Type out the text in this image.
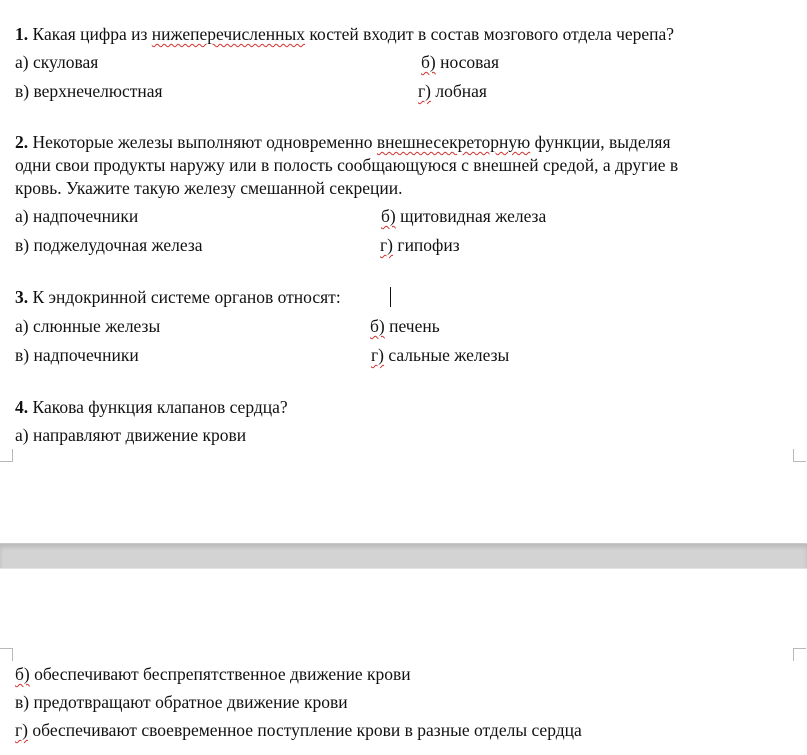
1. Какая цифра из нижеперечисленных костей входит в состав мозгового отдела черепа?
а) скуловая	б) носовая
в) верхнечелюстная	г) лобная
2. Некоторые железы выполняют одновременно внешнесекреторную функции, выделяя
одни свои продукты наружу или в полость сообщающуюся с внешней средой, а другие в
кровь. Укажите такую железу смешанной секреции.
а) надпочечники	б) щитовидная железа
в) поджелудочная железа	г) гипофиз
3. К эндокринной системе органов относят:
а) слюнные железы	б) печень
в) надпочечники	г) сальные железы
4. Какова функция клапанов сердца?
а) направляют движение крови
б) обеспечивают беспрепятственное движение крови
в) предотвращают обратное движение крови
г) обеспечивают своевременное поступление крови в разные отделы сердца
